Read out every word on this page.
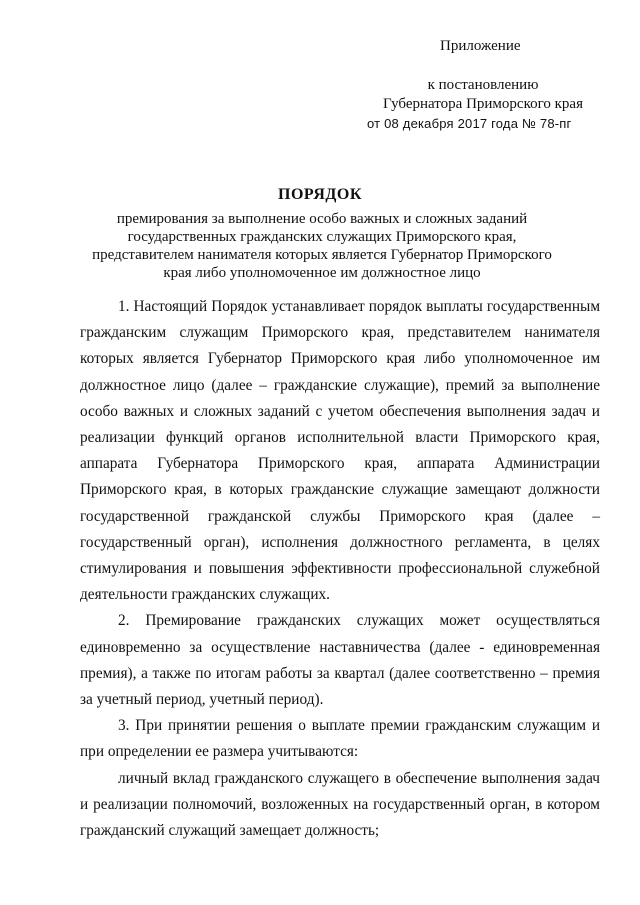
Приложение
к постановлению
Губернатора Приморского края
от 08 декабря 2017 года № 78-пг
ПОРЯДОК
премирования за выполнение особо важных и сложных заданий государственных гражданских служащих Приморского края, представителем нанимателя которых является Губернатор Приморского края либо уполномоченное им должностное лицо

1. Настоящий Порядок устанавливает порядок выплаты государственным гражданским служащим Приморского края, представителем нанимателя которых является Губернатор Приморского края либо уполномоченное им должностное лицо (далее – гражданские служащие), премий за выполнение особо важных и сложных заданий с учетом обеспечения выполнения задач и реализации функций органов исполнительной власти Приморского края, аппарата Губернатора Приморского края, аппарата Администрации Приморского края, в которых гражданские служащие замещают должности государственной гражданской службы Приморского края (далее – государственный орган), исполнения должностного регламента, в целях стимулирования и повышения эффективности профессиональной служебной деятельности гражданских служащих.

2. Премирование гражданских служащих может осуществляться единовременно за осуществление наставничества (далее - единовременная премия), а также по итогам работы за квартал (далее соответственно – премия за учетный период, учетный период).

3. При принятии решения о выплате премии гражданским служащим и при определении ее размера учитываются:

личный вклад гражданского служащего в обеспечение выполнения задач и реализации полномочий, возложенных на государственный орган, в котором гражданский служащий замещает должность;
